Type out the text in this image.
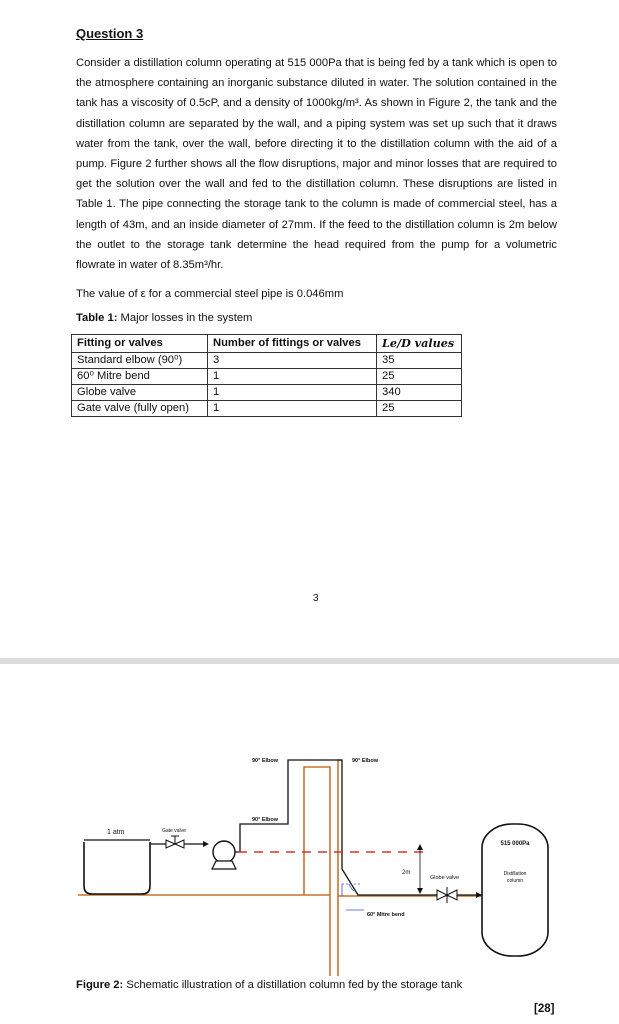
Question 3
Consider a distillation column operating at 515 000Pa that is being fed by a tank which is open to the atmosphere containing an inorganic substance diluted in water. The solution contained in the tank has a viscosity of 0.5cP, and a density of 1000kg/m³. As shown in Figure 2, the tank and the distillation column are separated by the wall, and a piping system was set up such that it draws water from the tank, over the wall, before directing it to the distillation column with the aid of a pump. Figure 2 further shows all the flow disruptions, major and minor losses that are required to get the solution over the wall and fed to the distillation column. These disruptions are listed in Table 1. The pipe connecting the storage tank to the column is made of commercial steel, has a length of 43m, and an inside diameter of 27mm. If the feed to the distillation column is 2m below the outlet to the storage tank determine the head required from the pump for a volumetric flowrate in water of 8.35m³/hr.
The value of ε for a commercial steel pipe is 0.046mm
Table 1: Major losses in the system
Fitting or valves	Number of fittings or valves	Le/D values
Standard elbow (90⁰)	3	35
60⁰ Mitre bend	1	25
Globe valve	1	340
Gate valve (fully open)	1	25
3
1 atm	Gate valve
90° Elbow	90° Elbow
90° Elbow
2m
Globe valve
60° Mitre bend
515 000Pa
Distillation
column
Figure 2: Schematic illustration of a distillation column fed by the storage tank
[28]
